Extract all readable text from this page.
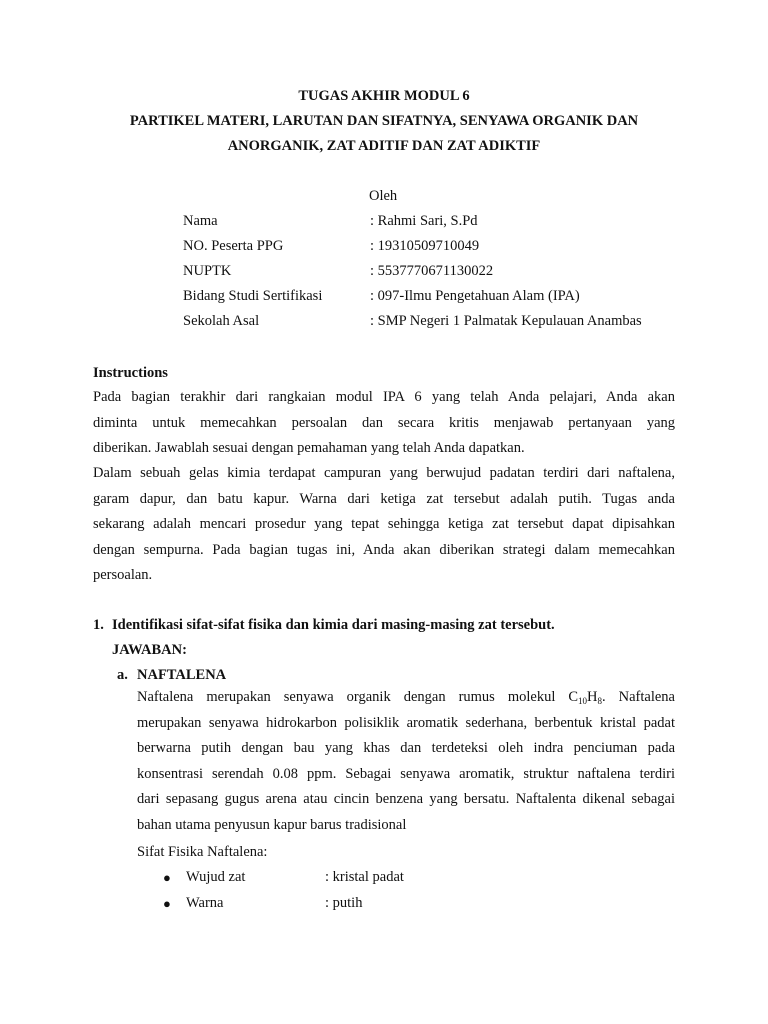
TUGAS AKHIR MODUL 6
PARTIKEL MATERI, LARUTAN DAN SIFATNYA, SENYAWA ORGANIK DAN
ANORGANIK, ZAT ADITIF DAN ZAT ADIKTIF
Oleh
Nama	: Rahmi Sari, S.Pd
NO. Peserta PPG	: 19310509710049
NUPTK	: 5537770671130022
Bidang Studi Sertifikasi	: 097-Ilmu Pengetahuan Alam (IPA)
Sekolah Asal	: SMP Negeri 1 Palmatak Kepulauan Anambas
Instructions
Pada bagian terakhir dari rangkaian modul IPA 6 yang telah Anda pelajari, Anda akan
diminta untuk memecahkan persoalan dan secara kritis menjawab pertanyaan yang
diberikan. Jawablah sesuai dengan pemahaman yang telah Anda dapatkan.
Dalam sebuah gelas kimia terdapat campuran yang berwujud padatan terdiri dari naftalena,
garam dapur, dan batu kapur. Warna dari ketiga zat tersebut adalah putih. Tugas anda
sekarang adalah mencari prosedur yang tepat sehingga ketiga zat tersebut dapat dipisahkan
dengan sempurna. Pada bagian tugas ini, Anda akan diberikan strategi dalam memecahkan
persoalan.
1. Identifikasi sifat-sifat fisika dan kimia dari masing-masing zat tersebut.
JAWABAN:
a. NAFTALENA
Naftalena merupakan senyawa organik dengan rumus molekul $C_{10}H_8$. Naftalena
merupakan senyawa hidrokarbon polisiklik aromatik sederhana, berbentuk kristal padat
berwarna putih dengan bau yang khas dan terdeteksi oleh indra penciuman pada
konsentrasi serendah 0.08 ppm. Sebagai senyawa aromatik, struktur naftalena terdiri
dari sepasang gugus arena atau cincin benzena yang bersatu. Naftalenta dikenal sebagai
bahan utama penyusun kapur barus tradisional
Sifat Fisika Naftalena:
● Wujud zat	: kristal padat
● Warna	: putih
